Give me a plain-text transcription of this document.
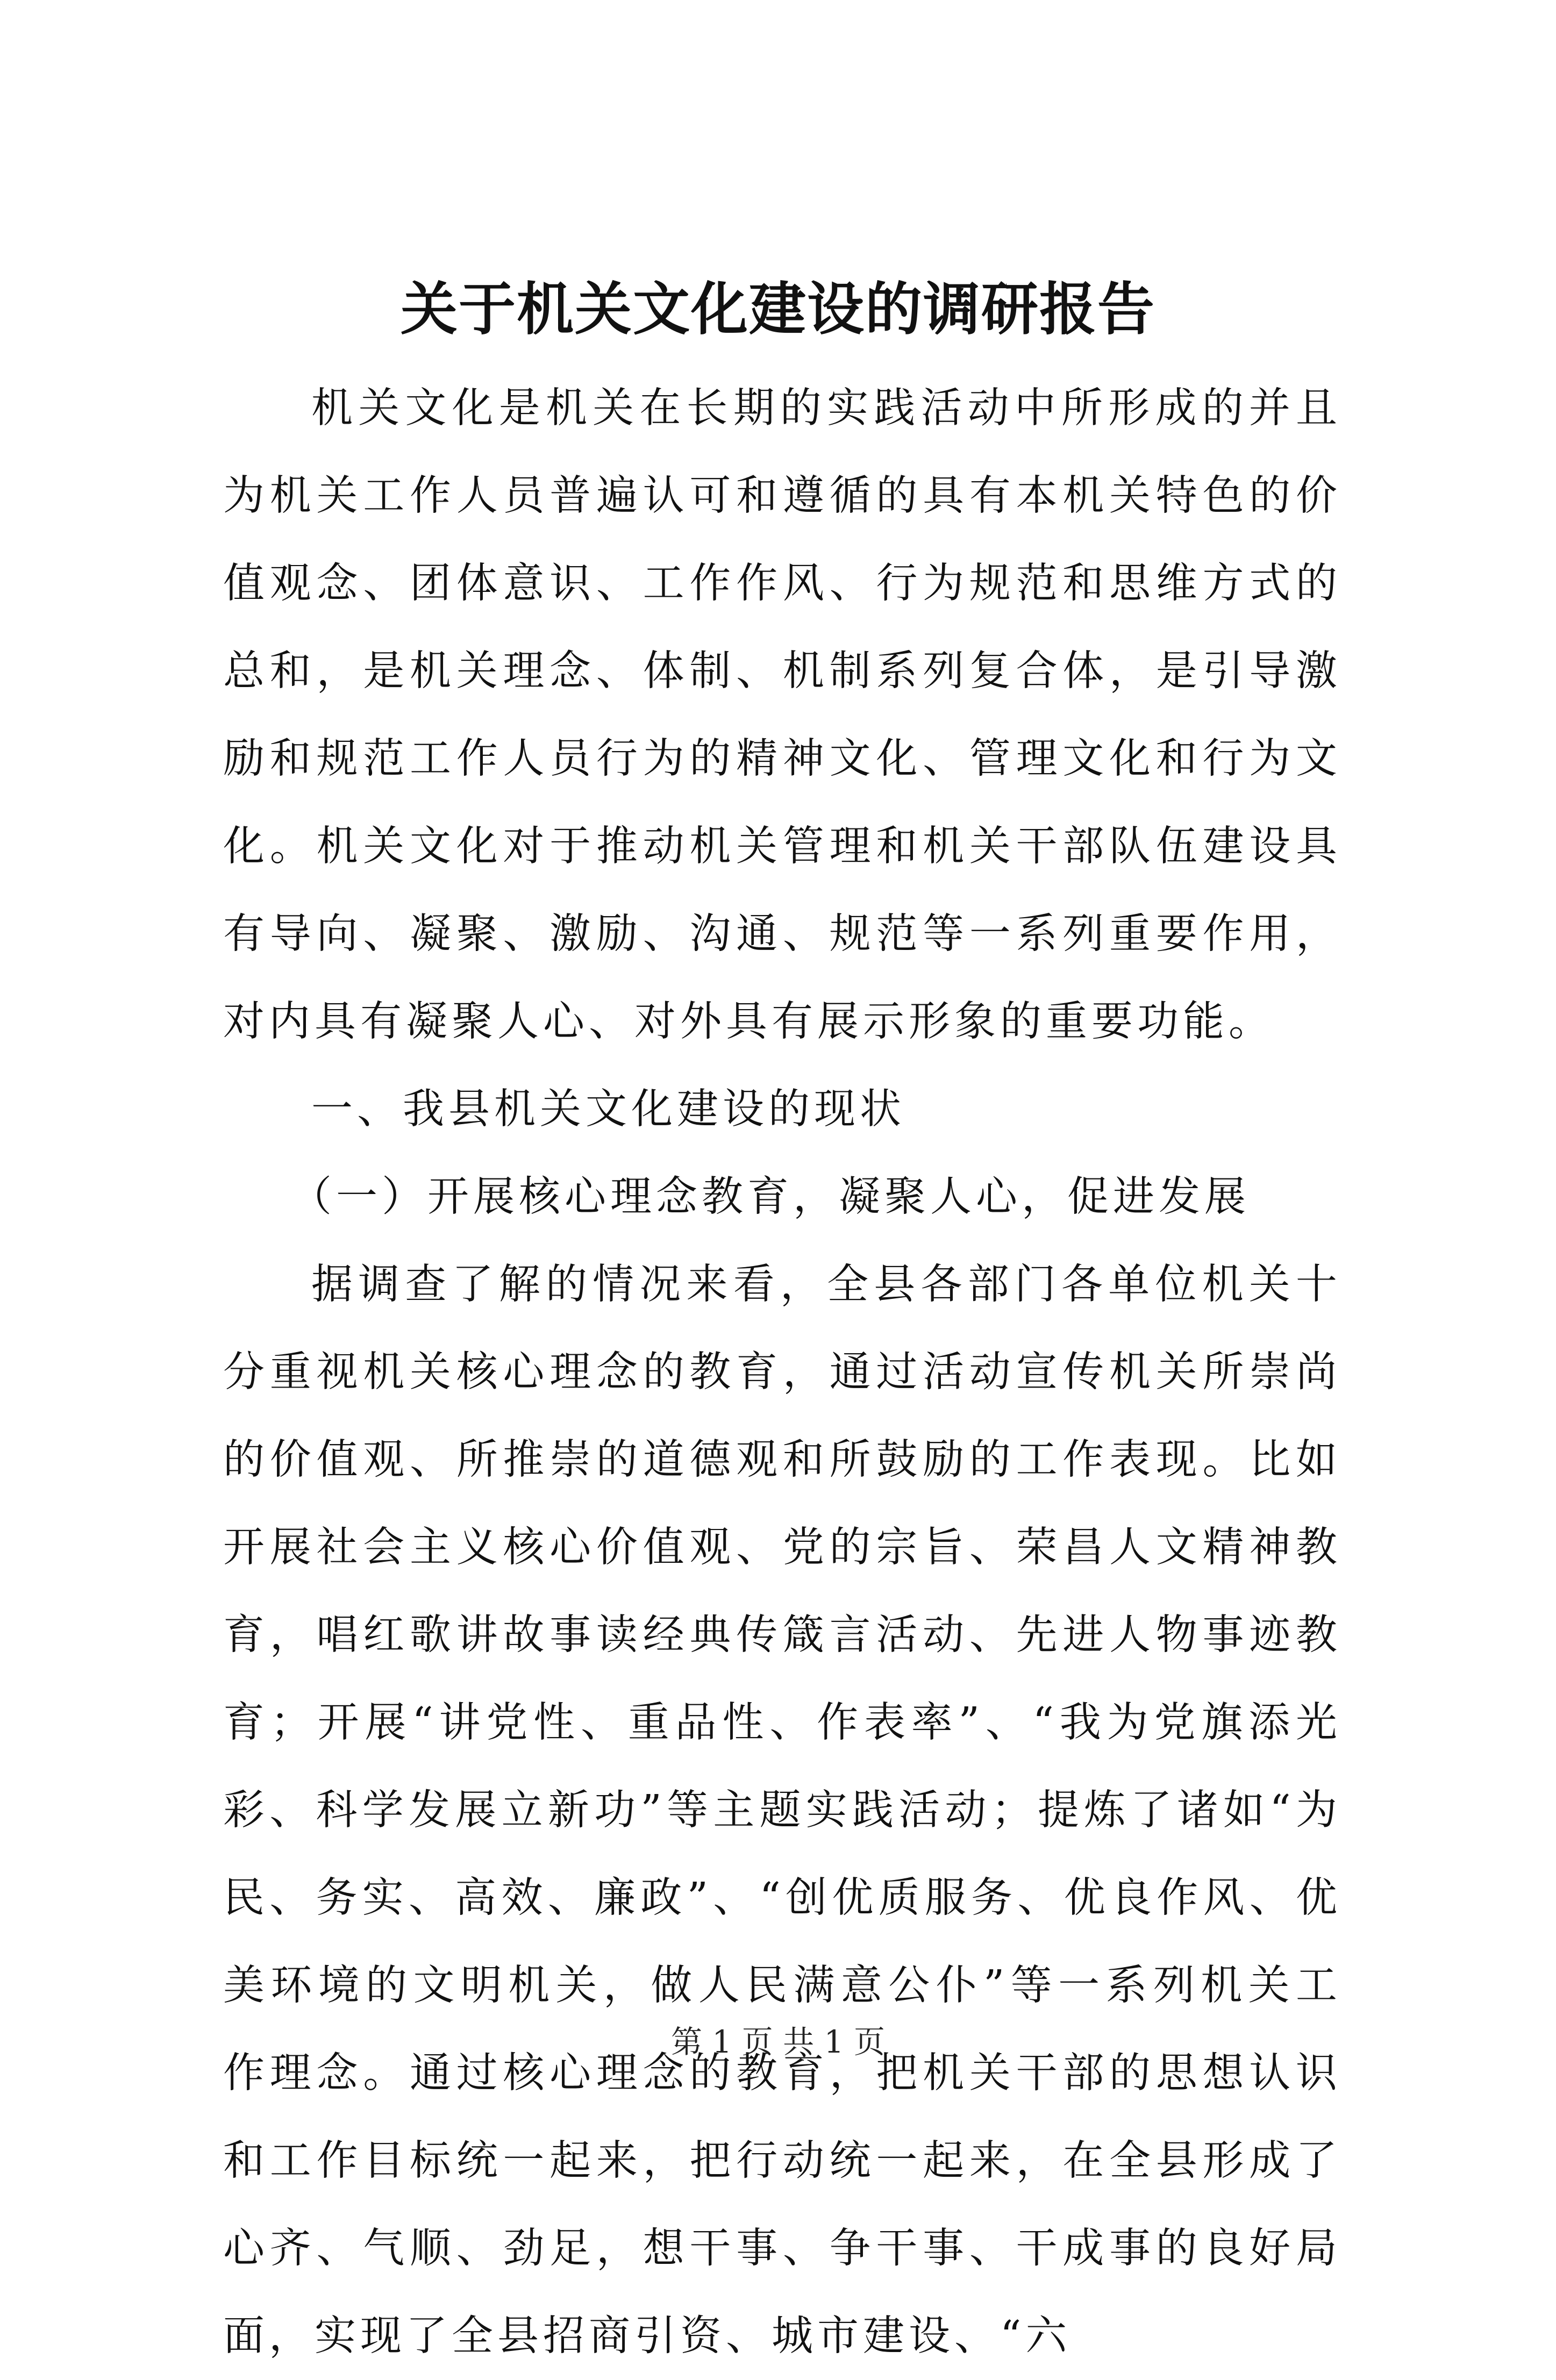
关于机关文化建设的调研报告

机关文化是机关在长期的实践活动中所形成的并且为机关工作人员普遍认可和遵循的具有本机关特色的价值观念、团体意识、工作作风、行为规范和思维方式的总和，是机关理念、体制、机制系列复合体，是引导激励和规范工作人员行为的精神文化、管理文化和行为文化。机关文化对于推动机关管理和机关干部队伍建设具有导向、凝聚、激励、沟通、规范等一系列重要作用，对内具有凝聚人心、对外具有展示形象的重要功能。

一、我县机关文化建设的现状

（一）开展核心理念教育，凝聚人心，促进发展

据调查了解的情况来看，全县各部门各单位机关十分重视机关核心理念的教育，通过活动宣传机关所崇尚的价值观、所推崇的道德观和所鼓励的工作表现。比如开展社会主义核心价值观、党的宗旨、荣昌人文精神教育，唱红歌讲故事读经典传箴言活动、先进人物事迹教育；开展“讲党性、重品性、作表率”、“我为党旗添光彩、科学发展立新功”等主题实践活动；提炼了诸如“为民、务实、高效、廉政”、“创优质服务、优良作风、优美环境的文明机关，做人民满意公仆”等一系列机关工作理念。通过核心理念的教育，把机关干部的思想认识和工作目标统一起来，把行动统一起来，在全县形成了心齐、气顺、劲足，想干事、争干事、干成事的良好局面，实现了全县招商引资、城市建设、“六

第 1 页 共 1 页
